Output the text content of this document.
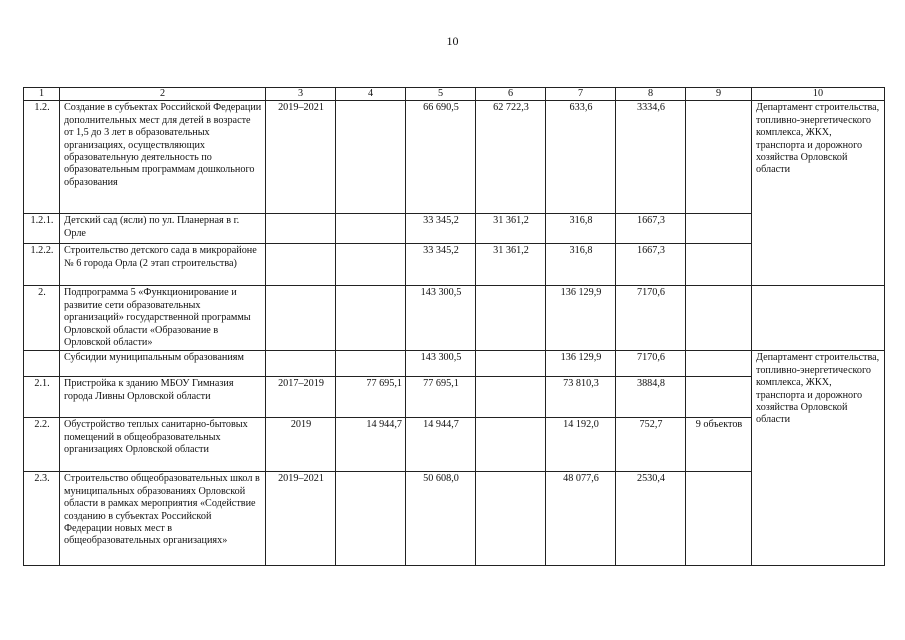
10
1	2	3	4	5	6	7	8	9	10
1.2.	Создание в субъектах Российской Федерации дополнительных мест для детей в возрасте от 1,5 до 3 лет в образовательных организациях, осуществляющих образовательную деятельность по образовательным программам дошкольного образования	2019–2021		66 690,5	62 722,3	633,6	3334,6		Департамент строительства, топливно-энергетического комплекса, ЖКХ, транспорта и дорожного хозяйства Орловской области
1.2.1.	Детский сад (ясли) по ул. Планерная в г. Орле			33 345,2	31 361,2	316,8	1667,3		
1.2.2.	Строительство детского сада в микрорайоне № 6 города Орла (2 этап строительства)			33 345,2	31 361,2	316,8	1667,3		
2.	Подпрограмма 5 «Функционирование и развитие сети образовательных организаций» государственной программы Орловской области «Образование в Орловской области»			143 300,5		136 129,9	7170,6		
	Субсидии муниципальным образованиям			143 300,5		136 129,9	7170,6		Департамент строительства, топливно-энергетического комплекса, ЖКХ, транспорта и дорожного хозяйства Орловской области
2.1.	Пристройка к зданию МБОУ Гимназия города Ливны Орловской области	2017–2019	77 695,1	77 695,1		73 810,3	3884,8		
2.2.	Обустройство теплых санитарно-бытовых помещений в общеобразовательных организациях Орловской области	2019	14 944,7	14 944,7		14 192,0	752,7	9 объектов	
2.3.	Строительство общеобразовательных школ в муниципальных образованиях Орловской области в рамках мероприятия «Содействие созданию в субъектах Российской Федерации новых мест в общеобразовательных организациях»	2019–2021		50 608,0		48 077,6	2530,4		
